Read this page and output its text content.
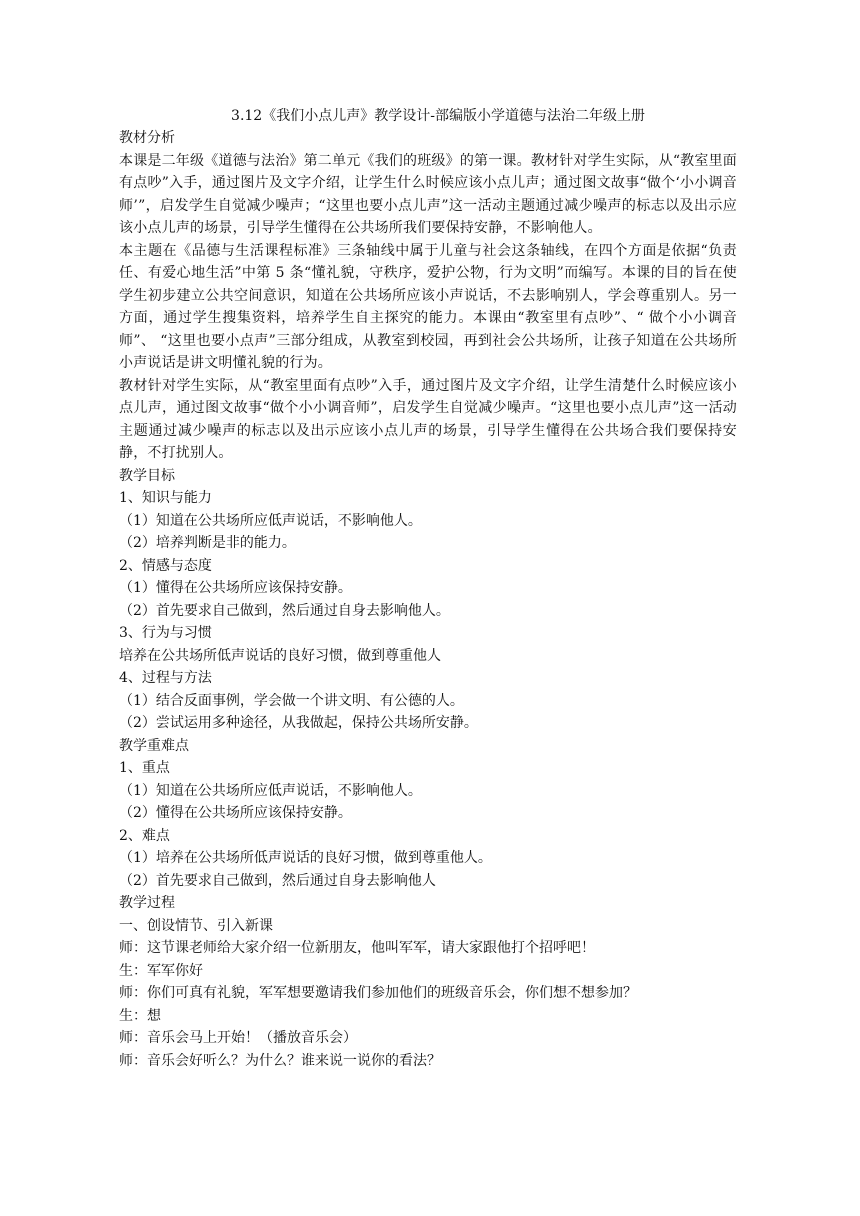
3.12《我们小点儿声》教学设计-部编版小学道德与法治二年级上册
教材分析

本课是二年级《道德与法治》第二单元《我们的班级》的第一课。教材针对学生实际，从“教室里面有点吵”入手，通过图片及文字介绍，让学生什么时候应该小点儿声；通过图文故事“做个‘小小调音师’”，启发学生自觉减少噪声；“这里也要小点儿声”这一活动主题通过减少噪声的标志以及出示应该小点儿声的场景，引导学生懂得在公共场所我们要保持安静，不影响他人。

本主题在《品德与生活课程标准》三条轴线中属于儿童与社会这条轴线，在四个方面是依据“负责任、有爱心地生活”中第 5 条“懂礼貌，守秩序，爱护公物，行为文明”而编写。本课的目的旨在使学生初步建立公共空间意识，知道在公共场所应该小声说话，不去影响别人，学会尊重别人。另一方面，通过学生搜集资料，培养学生自主探究的能力。本课由“教室里有点吵”、“ 做个小小调音师”、 “这里也要小点声”三部分组成，从教室到校园，再到社会公共场所，让孩子知道在公共场所小声说话是讲文明懂礼貌的行为。

教材针对学生实际，从“教室里面有点吵”入手，通过图片及文字介绍，让学生清楚什么时候应该小点儿声，通过图文故事“做个小小调音师”，启发学生自觉减少噪声。“这里也要小点儿声”这一活动主题通过减少噪声的标志以及出示应该小点儿声的场景，引导学生懂得在公共场合我们要保持安静，不打扰别人。

教学目标
1、知识与能力
（1）知道在公共场所应低声说话，不影响他人。
（2）培养判断是非的能力。
2、情感与态度
（1）懂得在公共场所应该保持安静。
（2）首先要求自己做到，然后通过自身去影响他人。
3、行为与习惯
培养在公共场所低声说话的良好习惯，做到尊重他人
4、过程与方法
（1）结合反面事例，学会做一个讲文明、有公德的人。
（2）尝试运用多种途径，从我做起，保持公共场所安静。
教学重难点
1、重点
（1）知道在公共场所应低声说话，不影响他人。
（2）懂得在公共场所应该保持安静。
2、难点
（1）培养在公共场所低声说话的良好习惯，做到尊重他人。
（2）首先要求自己做到，然后通过自身去影响他人
教学过程
一、创设情节、引入新课
师：这节课老师给大家介绍一位新朋友，他叫军军，请大家跟他打个招呼吧！
生：军军你好
师：你们可真有礼貌，军军想要邀请我们参加他们的班级音乐会，你们想不想参加？
生：想
师：音乐会马上开始！（播放音乐会）
师：音乐会好听么？为什么？谁来说一说你的看法？
